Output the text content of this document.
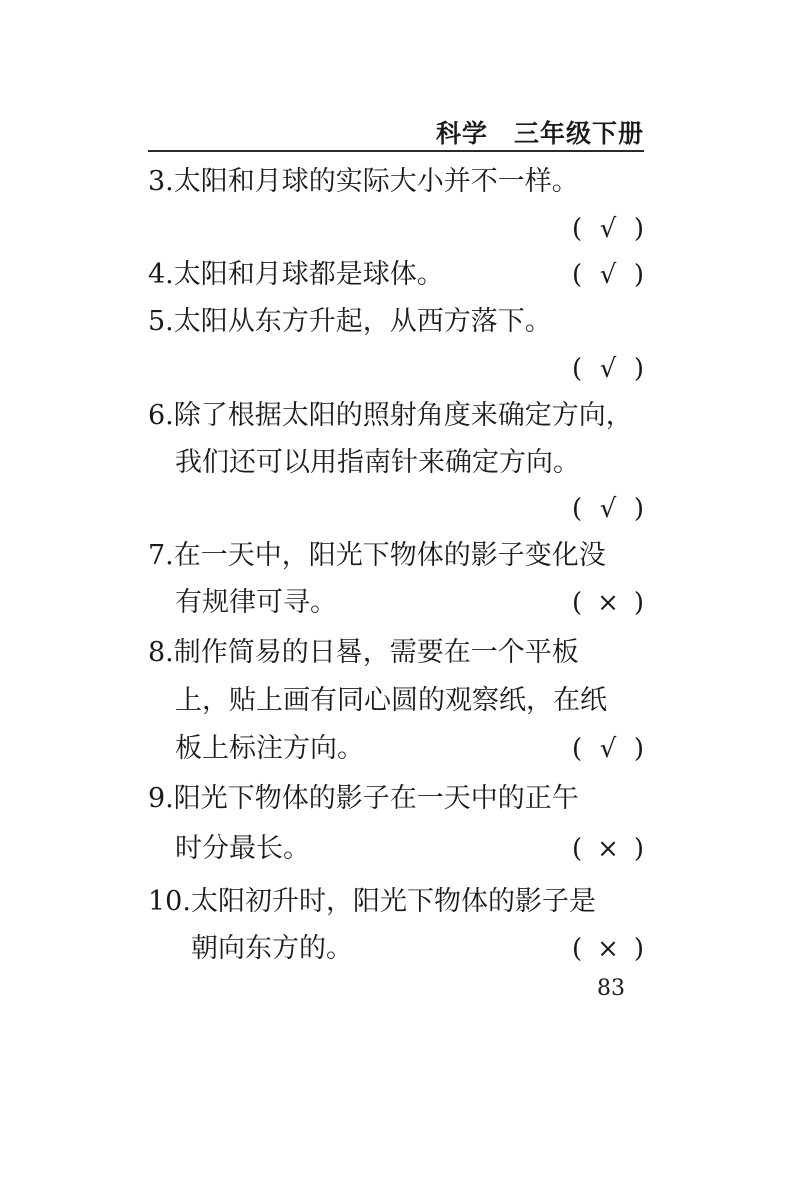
科学　三年级下册
3.太阳和月球的实际大小并不一样。
( √ )
4.太阳和月球都是球体。	( √ )
5.太阳从东方升起，从西方落下。
( √ )
6.除了根据太阳的照射角度来确定方向，
我们还可以用指南针来确定方向。
( √ )
7.在一天中，阳光下物体的影子变化没
有规律可寻。	( × )
8.制作简易的日晷，需要在一个平板
上，贴上画有同心圆的观察纸，在纸
板上标注方向。	( √ )
9.阳光下物体的影子在一天中的正午
时分最长。	( × )
10.太阳初升时，阳光下物体的影子是
朝向东方的。	( × )
83
